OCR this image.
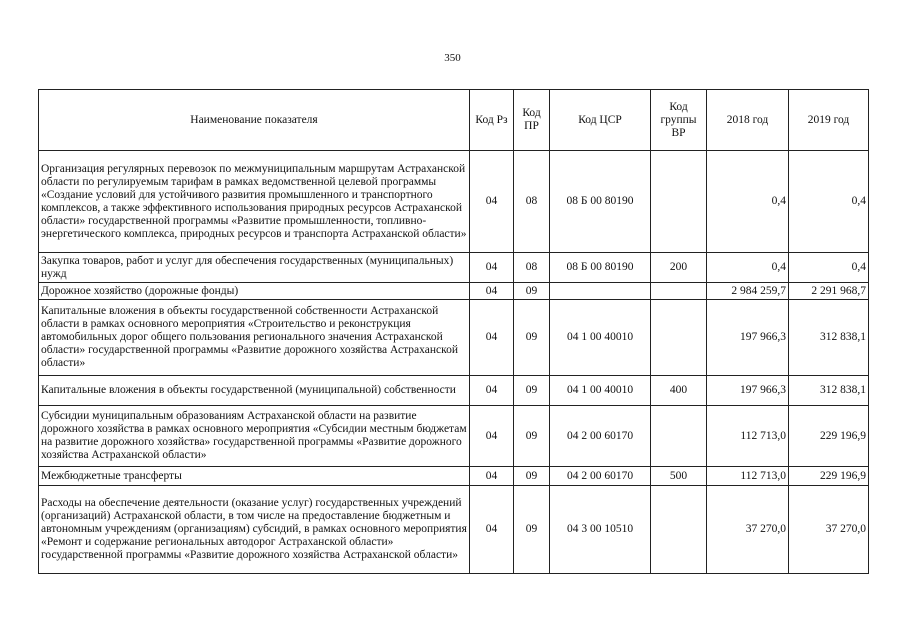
350
Наименование показателя	Код Рз	Код ПР	Код ЦСР	Код группы ВР	2018 год	2019 год
Организация регулярных перевозок по межмуниципальным маршрутам Астраханской области по регулируемым тарифам в рамках ведомственной целевой программы «Создание условий для устойчивого развития промышленного и транспортного комплексов, а также эффективного использования природных ресурсов Астраханской области» государственной программы «Развитие промышленности, топливно-энергетического комплекса, природных ресурсов и транспорта Астраханской области»	04	08	08 Б 00 80190		0,4	0,4
Закупка товаров, работ и услуг для обеспечения государственных (муниципальных) нужд	04	08	08 Б 00 80190	200	0,4	0,4
Дорожное хозяйство (дорожные фонды)	04	09			2 984 259,7	2 291 968,7
Капитальные вложения в объекты государственной собственности Астраханской области в рамках основного мероприятия «Строительство и реконструкция автомобильных дорог общего пользования регионального значения Астраханской области» государственной программы «Развитие дорожного хозяйства Астраханской области»	04	09	04 1 00 40010		197 966,3	312 838,1
Капитальные вложения в объекты государственной (муниципальной) собственности	04	09	04 1 00 40010	400	197 966,3	312 838,1
Субсидии муниципальным образованиям Астраханской области на развитие дорожного хозяйства в рамках основного мероприятия «Субсидии местным бюджетам на развитие дорожного хозяйства» государственной программы «Развитие дорожного хозяйства Астраханской области»	04	09	04 2 00 60170		112 713,0	229 196,9
Межбюджетные трансферты	04	09	04 2 00 60170	500	112 713,0	229 196,9
Расходы на обеспечение деятельности (оказание услуг) государственных учреждений (организаций) Астраханской области, в том числе на предоставление бюджетным и автономным учреждениям (организациям) субсидий, в рамках основного мероприятия «Ремонт и содержание региональных автодорог Астраханской области» государственной программы «Развитие дорожного хозяйства Астраханской области»	04	09	04 3 00 10510		37 270,0	37 270,0
